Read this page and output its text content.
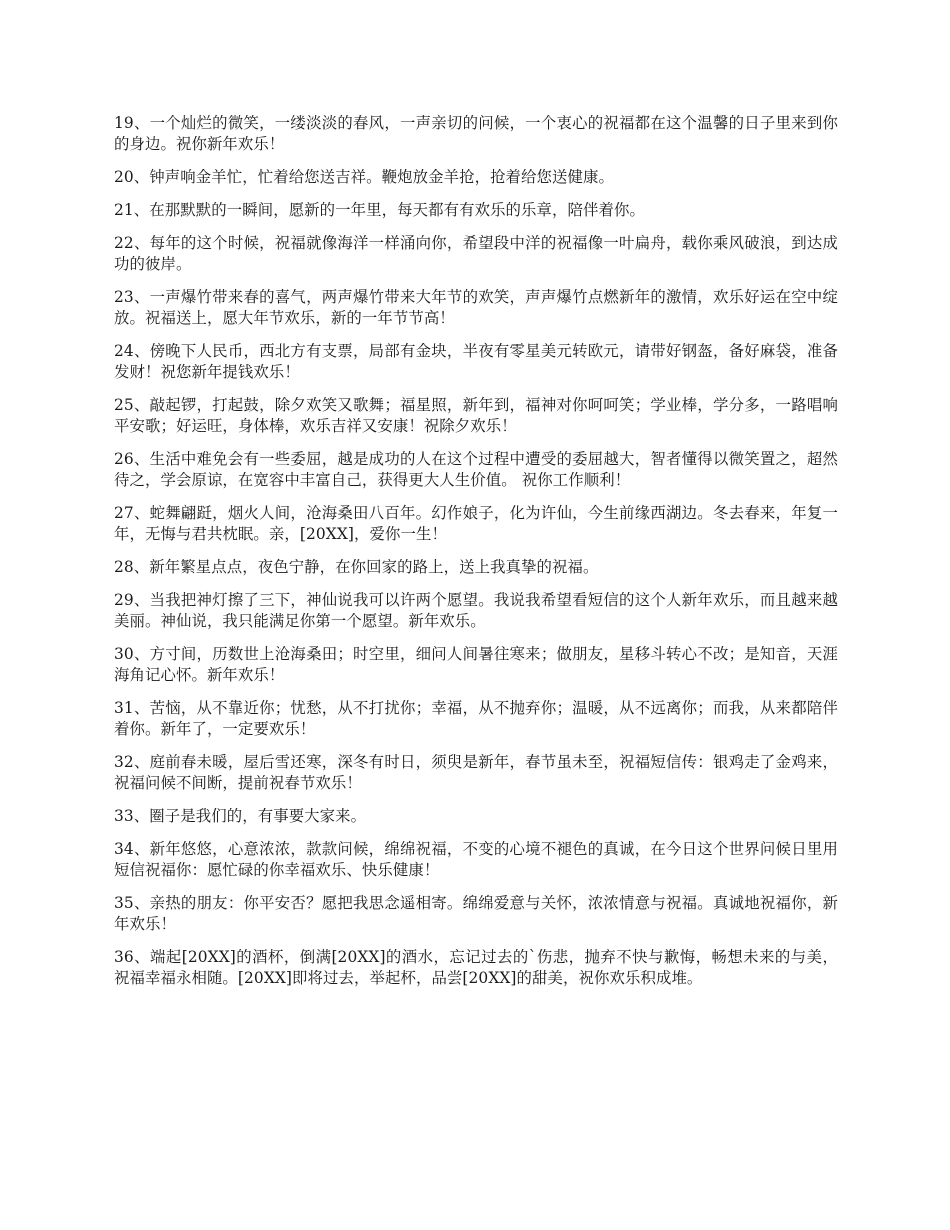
19、一个灿烂的微笑，一缕淡淡的春风，一声亲切的问候，一个衷心的祝福都在这个温馨的日子里来到你的身边。祝你新年欢乐！

20、钟声响金羊忙，忙着给您送吉祥。鞭炮放金羊抢，抢着给您送健康。

21、在那默默的一瞬间，愿新的一年里，每天都有有欢乐的乐章，陪伴着你。

22、每年的这个时候，祝福就像海洋一样涌向你，希望段中洋的祝福像一叶扁舟，载你乘风破浪，到达成功的彼岸。

23、一声爆竹带来春的喜气，两声爆竹带来大年节的欢笑，声声爆竹点燃新年的激情，欢乐好运在空中绽放。祝福送上，愿大年节欢乐，新的一年节节高！

24、傍晚下人民币，西北方有支票，局部有金块，半夜有零星美元转欧元，请带好钢盔，备好麻袋，准备发财！祝您新年提钱欢乐！

25、敲起锣，打起鼓，除夕欢笑又歌舞；福星照，新年到，福神对你呵呵笑；学业棒，学分多，一路唱响平安歌；好运旺，身体棒，欢乐吉祥又安康！祝除夕欢乐！

26、生活中难免会有一些委屈，越是成功的人在这个过程中遭受的委屈越大，智者懂得以微笑置之，超然待之，学会原谅，在宽容中丰富自己，获得更大人生价值。 祝你工作顺利！

27、蛇舞翩跹，烟火人间，沧海桑田八百年。幻作娘子，化为许仙，今生前缘西湖边。冬去春来，年复一年，无悔与君共枕眠。亲，[20XX]，爱你一生！

28、新年繁星点点，夜色宁静，在你回家的路上，送上我真挚的祝福。

29、当我把神灯擦了三下，神仙说我可以许两个愿望。我说我希望看短信的这个人新年欢乐，而且越来越美丽。神仙说，我只能满足你第一个愿望。新年欢乐。

30、方寸间，历数世上沧海桑田；时空里，细问人间暑往寒来；做朋友，星移斗转心不改；是知音，天涯海角记心怀。新年欢乐！

31、苦恼，从不靠近你；忧愁，从不打扰你；幸福，从不抛弃你；温暖，从不远离你；而我，从来都陪伴着你。新年了，一定要欢乐！

32、庭前春未暖，屋后雪还寒，深冬有时日，须臾是新年，春节虽未至，祝福短信传：银鸡走了金鸡来，祝福问候不间断，提前祝春节欢乐！

33、圈子是我们的，有事要大家来。

34、新年悠悠，心意浓浓，款款问候，绵绵祝福，不变的心境不褪色的真诚，在今日这个世界问候日里用短信祝福你：愿忙碌的你幸福欢乐、快乐健康！

35、亲热的朋友：你平安否？愿把我思念遥相寄。绵绵爱意与关怀，浓浓情意与祝福。真诚地祝福你，新年欢乐！

36、端起[20XX]的酒杯，倒满[20XX]的酒水，忘记过去的`伤悲，抛弃不快与歉悔，畅想未来的与美，祝福幸福永相随。[20XX]即将过去，举起杯，品尝[20XX]的甜美，祝你欢乐积成堆。
